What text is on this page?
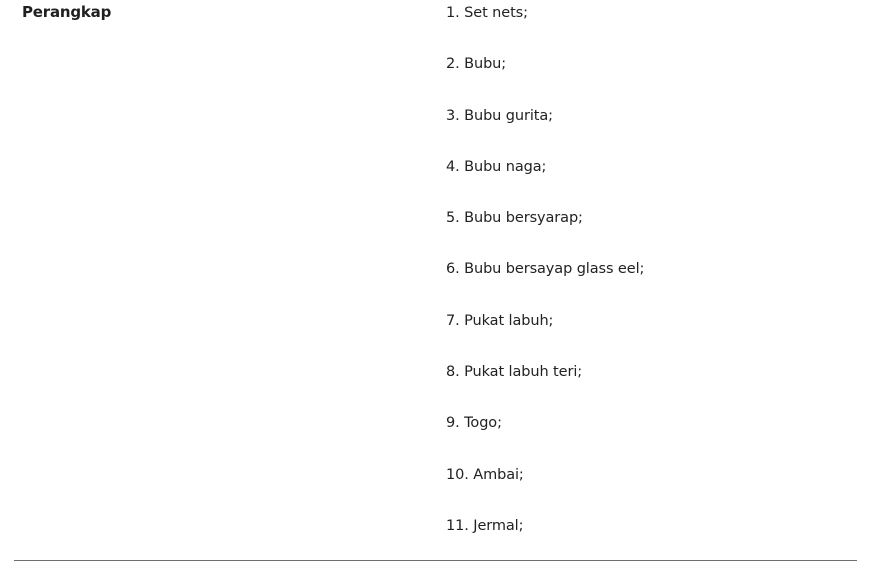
Perangkap	1. Set nets;
2. Bubu;
3. Bubu gurita;
4. Bubu naga;
5. Bubu bersyarap;
6. Bubu bersayap glass eel;
7. Pukat labuh;
8. Pukat labuh teri;
9. Togo;
10. Ambai;
11. Jermal;
